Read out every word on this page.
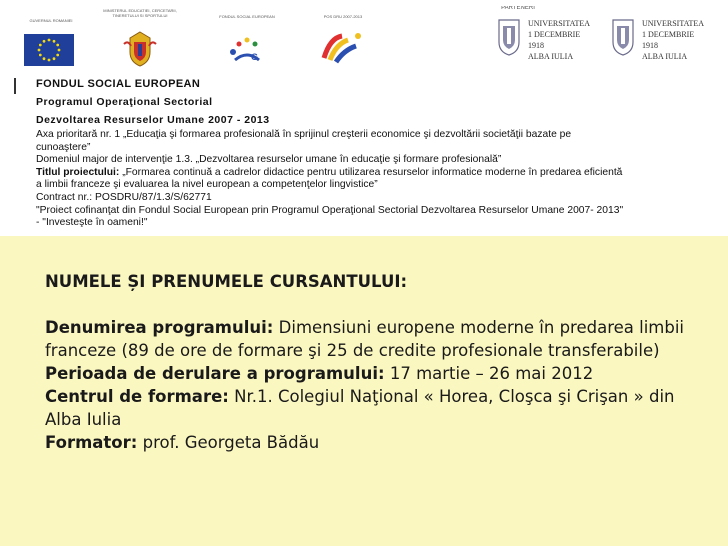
GUVERNUL ROMANIEI
MINISTERUL EDUCATIEI, CERCETARII, TINERETULUI SI SPORTULUI	FONDUL SOCIAL EUROPEAN
G
POS DRU 2007-2013
PARTENERI
UNIVERSITATEA
1 DECEMBRIE
1918
ALBA IULIA
UNIVERSITATEA
1 DECEMBRIE
1918
ALBA IULIA

FONDUL SOCIAL EUROPEAN

Programul Operaţional Sectorial

Dezvoltarea Resurselor Umane 2007 - 2013

Axa prioritară nr. 1 „Educaţia şi formarea profesională în sprijinul creşterii economice şi dezvoltării societăţii bazate pe cunoaştere”

Domeniul major de intervenţie 1.3. „Dezvoltarea resurselor umane în educaţie şi formare profesională”

Titlul proiectului: „Formarea continuă a cadrelor didactice pentru utilizarea resurselor informatice moderne în predarea eficientă a limbii franceze şi evaluarea la nivel european a competenţelor lingvistice”

Contract nr.: POSDRU/87/1.3/S/62771

"Proiect cofinanţat din Fondul Social European prin Programul Operaţional Sectorial Dezvoltarea Resurselor Umane 2007- 2013" - "Investeşte în oameni!"

NUMELE ȘI PRENUMELE CURSANTULUI:

Denumirea programului: Dimensiuni europene moderne în predarea limbii franceze (89 de ore de formare şi 25 de credite profesionale transferabile)

Perioada de derulare a programului: 17 martie – 26 mai 2012

Centrul de formare: Nr.1. Colegiul Naţional « Horea, Cloşca şi Crişan » din Alba Iulia

Formator: prof. Georgeta Bădău
